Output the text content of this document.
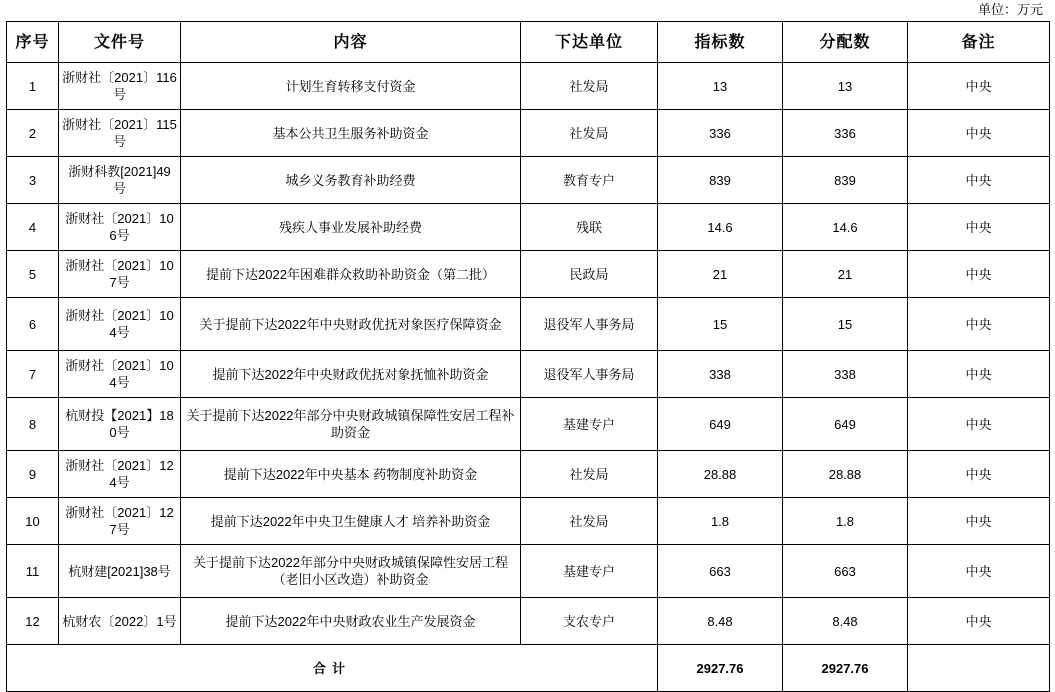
单位：万元
序号	文件号	内容	下达单位	指标数	分配数	备注
1	浙财社〔2021〕116号	计划生育转移支付资金	社发局	13	13	中央
2	浙财社〔2021〕115号	基本公共卫生服务补助资金	社发局	336	336	中央
3	浙财科教[2021]49号	城乡义务教育补助经费	教育专户	839	839	中央
4	浙财社〔2021〕106号	残疾人事业发展补助经费	残联	14.6	14.6	中央
5	浙财社〔2021〕107号	提前下达2022年困难群众救助补助资金（第二批）	民政局	21	21	中央
6	浙财社〔2021〕104号	关于提前下达2022年中央财政优抚对象医疗保障资金	退役军人事务局	15	15	中央
7	浙财社〔2021〕104号	提前下达2022年中央财政优抚对象抚恤补助资金	退役军人事务局	338	338	中央
8	杭财投【2021】180号	关于提前下达2022年部分中央财政城镇保障性安居工程补助资金	基建专户	649	649	中央
9	浙财社〔2021〕124号	提前下达2022年中央基本 药物制度补助资金	社发局	28.88	28.88	中央
10	浙财社〔2021〕127号	提前下达2022年中央卫生健康人才 培养补助资金	社发局	1.8	1.8	中央
11	杭财建[2021]38号	关于提前下达2022年部分中央财政城镇保障性安居工程（老旧小区改造）补助资金	基建专户	663	663	中央
12	杭财农〔2022〕1号	提前下达2022年中央财政农业生产发展资金	支农专户	8.48	8.48	中央
合计				2927.76	2927.76	
